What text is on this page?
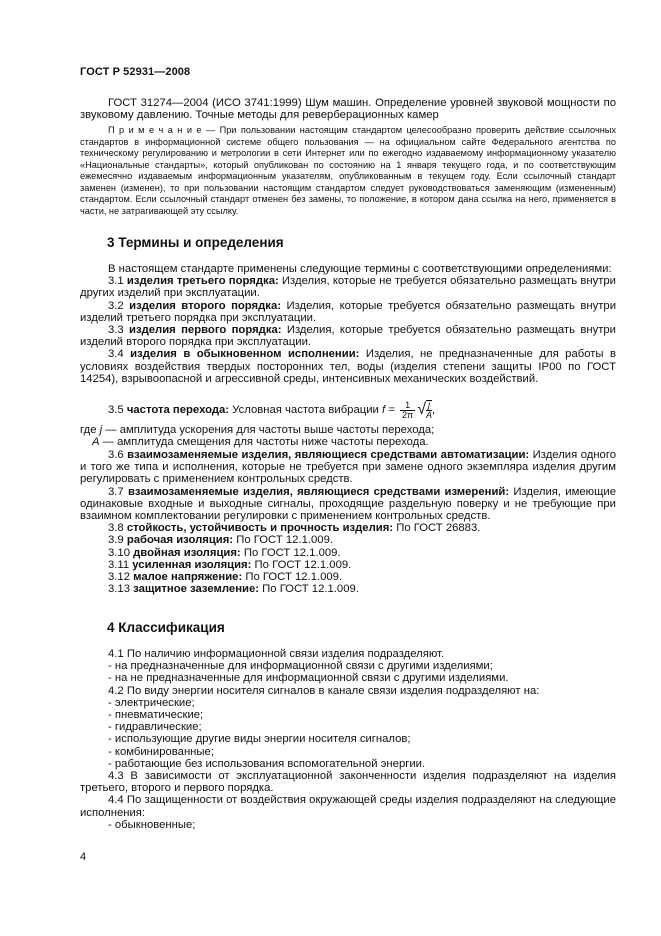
ГОСТ Р 52931—2008

ГОСТ 31274—2004 (ИСО 3741:1999) Шум машин. Определение уровней звуковой мощности по звуковому давлению. Точные методы для реверберационных камер

П р и м е ч а н и е — При пользовании настоящим стандартом целесообразно проверить действие ссылочных стандартов в информационной системе общего пользования — на официальном сайте Федерального агентства по техническому регулированию и метрологии в сети Интернет или по ежегодно издаваемому информационному указателю «Национальные стандарты», который опубликован по состоянию на 1 января текущего года, и по соответствующим ежемесячно издаваемым информационным указателям, опубликованным в текущем году. Если ссылочный стандарт заменен (изменен), то при пользовании настоящим стандартом следует руководствоваться заменяющим (измененным) стандартом. Если ссылочный стандарт отменен без замены, то положение, в котором дана ссылка на него, применяется в части, не затрагивающей эту ссылку.

3 Термины и определения

В настоящем стандарте применены следующие термины с соответствующими определениями:

3.1 изделия третьего порядка: Изделия, которые не требуется обязательно размещать внутри других изделий при эксплуатации.

3.2 изделия второго порядка: Изделия, которые требуется обязательно размещать внутри изделий третьего порядка при эксплуатации.

3.3 изделия первого порядка: Изделия, которые требуется обязательно размещать внутри изделий второго порядка при эксплуатации.

3.4 изделия в обыкновенном исполнении: Изделия, не предназначенные для работы в условиях воздействия твердых посторонних тел, воды (изделия степени защиты IP00 по ГОСТ 14254), взрывоопасной и агрессивной среды, интенсивных механических воздействий.

3.5 частота перехода: Условная частота вибрации $f = \frac{1}{2\pi}$ √ $\frac{j}{A}$ ,

где j — амплитуда ускорения для частоты выше частоты перехода;

A — амплитуда смещения для частоты ниже частоты перехода.

3.6 взаимозаменяемые изделия, являющиеся средствами автоматизации: Изделия одного и того же типа и исполнения, которые не требуется при замене одного экземпляра изделия другим регулировать с применением контрольных средств.

3.7 взаимозаменяемые изделия, являющиеся средствами измерений: Изделия, имеющие одинаковые входные и выходные сигналы, проходящие раздельную поверку и не требующие при взаимном комплектовании регулировки с применением контрольных средств.

3.8 стойкость, устойчивость и прочность изделия: По ГОСТ 26883.

3.9 рабочая изоляция: По ГОСТ 12.1.009.

3.10 двойная изоляция: По ГОСТ 12.1.009.

3.11 усиленная изоляция: По ГОСТ 12.1.009.

3.12 малое напряжение: По ГОСТ 12.1.009.

3.13 защитное заземление: По ГОСТ 12.1.009.

4 Классификация

4.1 По наличию информационной связи изделия подразделяют.

- на предназначенные для информационной связи с другими изделиями;

- на не предназначенные для информационной связи с другими изделиями.

4.2 По виду энергии носителя сигналов в канале связи изделия подразделяют на:

- электрические;

- пневматические;

- гидравлические;

- использующие другие виды энергии носителя сигналов;

- комбинированные;

- работающие без использования вспомогательной энергии.

4.3 В зависимости от эксплуатационной законченности изделия подразделяют на изделия третьего, второго и первого порядка.

4.4 По защищенности от воздействия окружающей среды изделия подразделяют на следующие исполнения:

- обыкновенные;

4
